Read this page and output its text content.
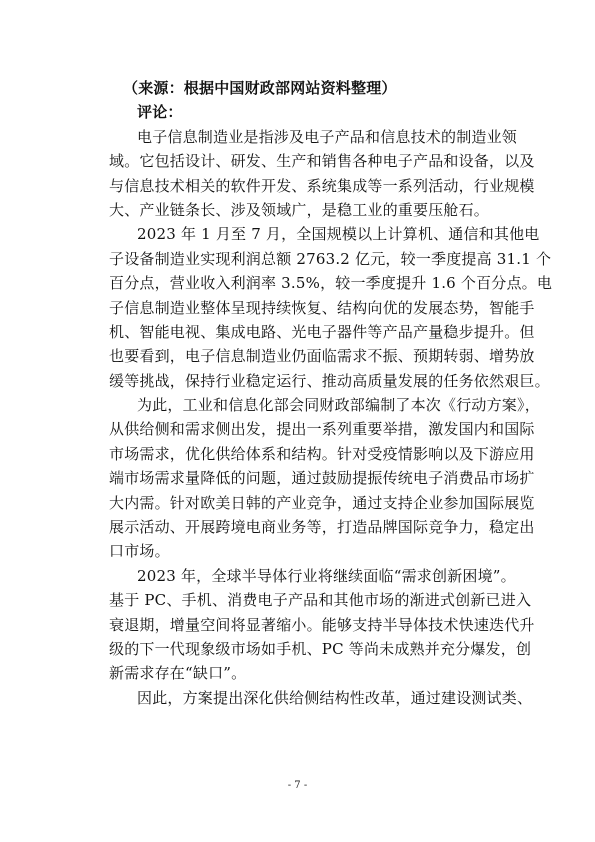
（来源：根据中国财政部网站资料整理）
评论：
电子信息制造业是指涉及电子产品和信息技术的制造业领
域。它包括设计、研发、生产和销售各种电子产品和设备，以及
与信息技术相关的软件开发、系统集成等一系列活动，行业规模
大、产业链条长、涉及领域广，是稳工业的重要压舱石。
2023 年 1 月至 7 月，全国规模以上计算机、通信和其他电
子设备制造业实现利润总额 2763.2 亿元，较一季度提高 31.1 个
百分点，营业收入利润率 3.5%，较一季度提升 1.6 个百分点。电
子信息制造业整体呈现持续恢复、结构向优的发展态势，智能手
机、智能电视、集成电路、光电子器件等产品产量稳步提升。但
也要看到，电子信息制造业仍面临需求不振、预期转弱、增势放
缓等挑战，保持行业稳定运行、推动高质量发展的任务依然艰巨。
为此，工业和信息化部会同财政部编制了本次《行动方案》，
从供给侧和需求侧出发，提出一系列重要举措，激发国内和国际
市场需求，优化供给体系和结构。针对受疫情影响以及下游应用
端市场需求量降低的问题，通过鼓励提振传统电子消费品市场扩
大内需。针对欧美日韩的产业竞争，通过支持企业参加国际展览
展示活动、开展跨境电商业务等，打造品牌国际竞争力，稳定出
口市场。
2023 年，全球半导体行业将继续面临“需求创新困境”。
基于 PC、手机、消费电子产品和其他市场的渐进式创新已进入
衰退期，增量空间将显著缩小。能够支持半导体技术快速迭代升
级的下一代现象级市场如手机、PC 等尚未成熟并充分爆发，创
新需求存在“缺口”。
因此，方案提出深化供给侧结构性改革，通过建设测试类、
- 7 -
